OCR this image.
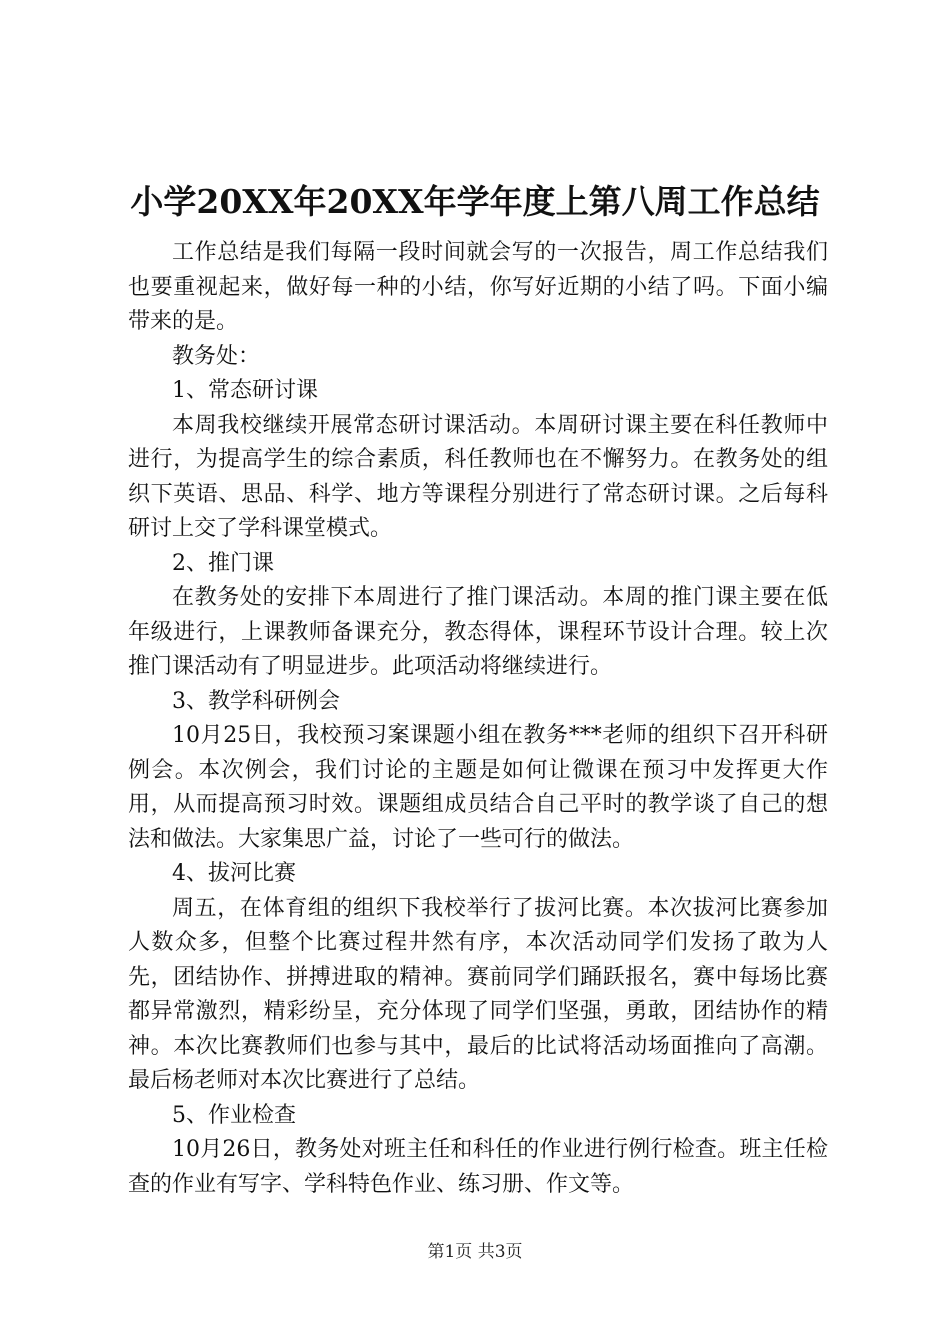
小学20XX年20XX年学年度上第八周工作总结

工作总结是我们每隔一段时间就会写的一次报告，周工作总结我们也要重视起来，做好每一种的小结，你写好近期的小结了吗。下面小编带来的是。

教务处：

1、常态研讨课

本周我校继续开展常态研讨课活动。本周研讨课主要在科任教师中进行，为提高学生的综合素质，科任教师也在不懈努力。在教务处的组织下英语、思品、科学、地方等课程分别进行了常态研讨课。之后每科研讨上交了学科课堂模式。

2、推门课

在教务处的安排下本周进行了推门课活动。本周的推门课主要在低年级进行，上课教师备课充分，教态得体，课程环节设计合理。较上次推门课活动有了明显进步。此项活动将继续进行。

3、教学科研例会

10月25日，我校预习案课题小组在教务***老师的组织下召开科研例会。本次例会，我们讨论的主题是如何让微课在预习中发挥更大作用，从而提高预习时效。课题组成员结合自己平时的教学谈了自己的想法和做法。大家集思广益，讨论了一些可行的做法。

4、拔河比赛

周五，在体育组的组织下我校举行了拔河比赛。本次拔河比赛参加人数众多，但整个比赛过程井然有序，本次活动同学们发扬了敢为人先，团结协作、拼搏进取的精神。赛前同学们踊跃报名，赛中每场比赛都异常激烈，精彩纷呈，充分体现了同学们坚强，勇敢，团结协作的精神。本次比赛教师们也参与其中，最后的比试将活动场面推向了高潮。最后杨老师对本次比赛进行了总结。

5、作业检查

10月26日，教务处对班主任和科任的作业进行例行检查。班主任检查的作业有写字、学科特色作业、练习册、作文等。

第1页 共3页
